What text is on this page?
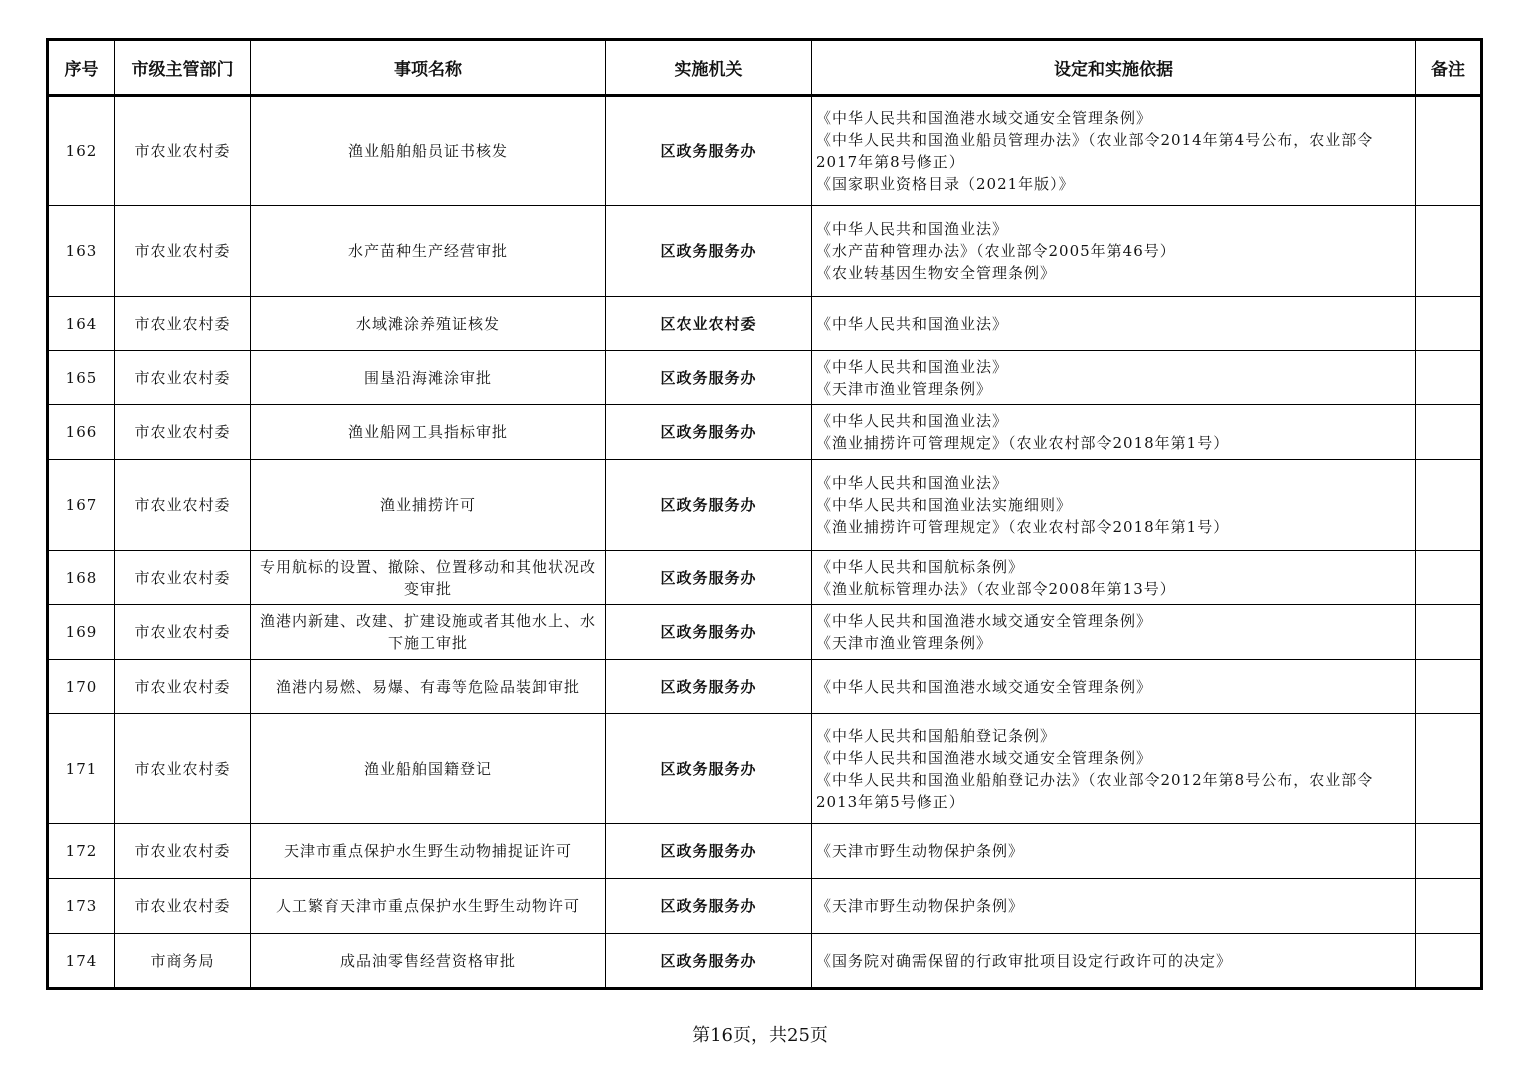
序号	市级主管部门	事项名称	实施机关	设定和实施依据	备注
162	市农业农村委	渔业船舶船员证书核发	区政务服务办	《中华人民共和国渔港水域交通安全管理条例》
《中华人民共和国渔业船员管理办法》（农业部令2014年第4号公布，农业部令2017年第8号修正）
《国家职业资格目录（2021年版）》	

163	市农业农村委	水产苗种生产经营审批	区政务服务办	《中华人民共和国渔业法》
《水产苗种管理办法》（农业部令2005年第46号）
《农业转基因生物安全管理条例》	

164	市农业农村委	水域滩涂养殖证核发	区农业农村委	《中华人民共和国渔业法》	

165	市农业农村委	围垦沿海滩涂审批	区政务服务办	《中华人民共和国渔业法》
《天津市渔业管理条例》	

166	市农业农村委	渔业船网工具指标审批	区政务服务办	《中华人民共和国渔业法》
《渔业捕捞许可管理规定》（农业农村部令2018年第1号）	

167	市农业农村委	渔业捕捞许可	区政务服务办	《中华人民共和国渔业法》
《中华人民共和国渔业法实施细则》
《渔业捕捞许可管理规定》（农业农村部令2018年第1号）	

168	市农业农村委	专用航标的设置、撤除、位置移动和其他状况改变审批	区政务服务办	《中华人民共和国航标条例》
《渔业航标管理办法》（农业部令2008年第13号）	

169	市农业农村委	渔港内新建、改建、扩建设施或者其他水上、水下施工审批	区政务服务办	《中华人民共和国渔港水域交通安全管理条例》
《天津市渔业管理条例》	

170	市农业农村委	渔港内易燃、易爆、有毒等危险品装卸审批	区政务服务办	《中华人民共和国渔港水域交通安全管理条例》	

171	市农业农村委	渔业船舶国籍登记	区政务服务办	《中华人民共和国船舶登记条例》
《中华人民共和国渔港水域交通安全管理条例》
《中华人民共和国渔业船舶登记办法》（农业部令2012年第8号公布，农业部令2013年第5号修正）	

172	市农业农村委	天津市重点保护水生野生动物捕捉证许可	区政务服务办	《天津市野生动物保护条例》	

173	市农业农村委	人工繁育天津市重点保护水生野生动物许可	区政务服务办	《天津市野生动物保护条例》	

174	市商务局	成品油零售经营资格审批	区政务服务办	《国务院对确需保留的行政审批项目设定行政许可的决定》	

第16页，共25页
